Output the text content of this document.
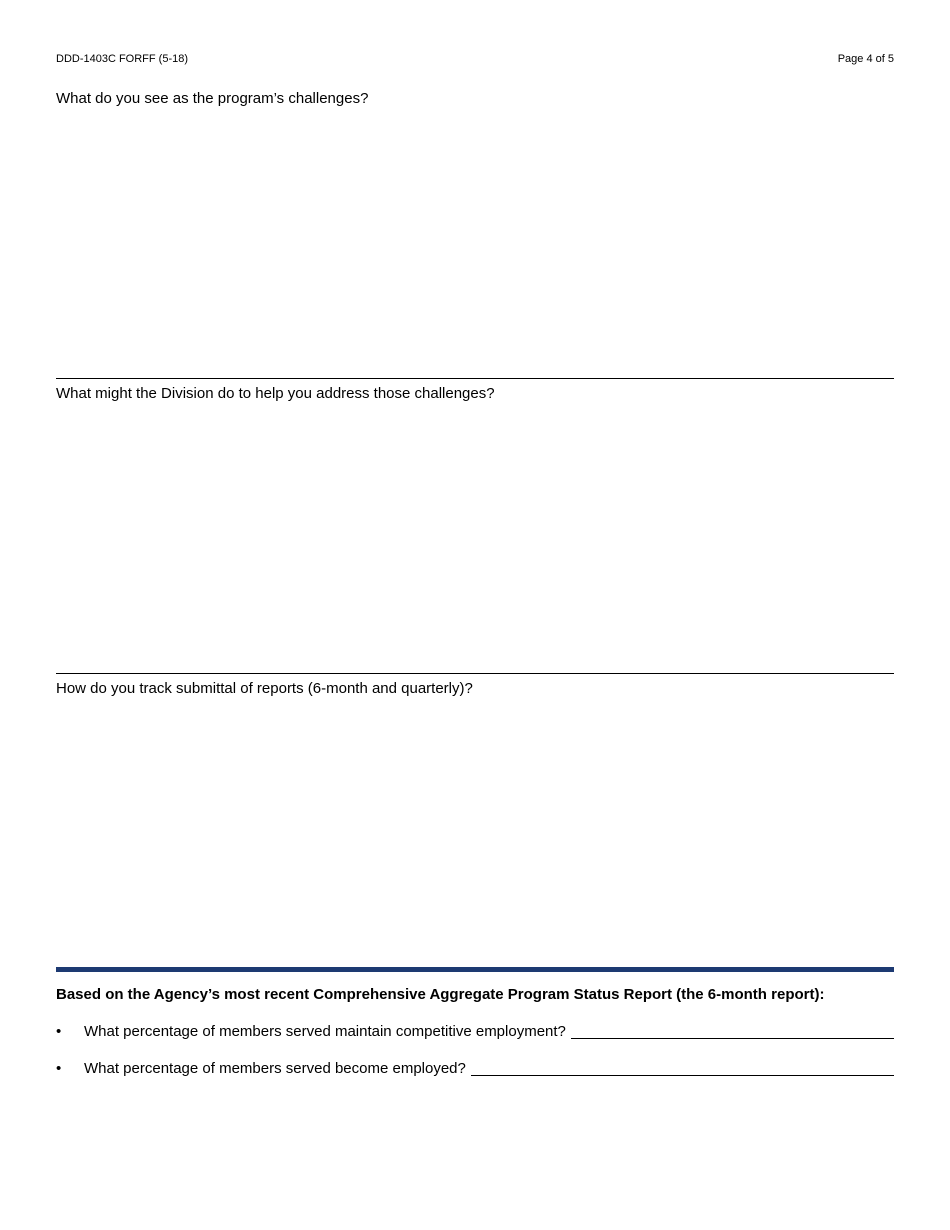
DDD-1403C FORFF (5-18)	Page 4 of 5
What do you see as the program’s challenges?
What might the Division do to help you address those challenges?
How do you track submittal of reports (6-month and quarterly)?
Based on the Agency’s most recent Comprehensive Aggregate Program Status Report (the 6-month report):
•	What percentage of members served maintain competitive employment?
•	What percentage of members served become employed?
